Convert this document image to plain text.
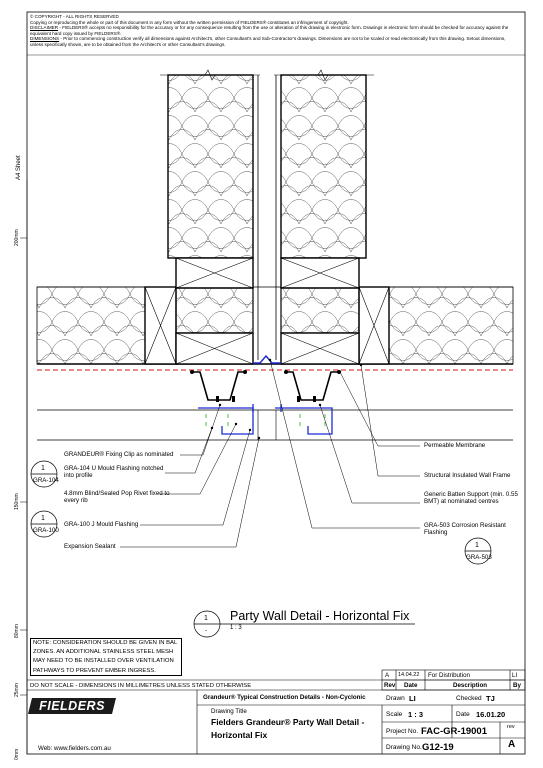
© COPYRIGHT - ALL RIGHTS RESERVED

Copying or reproducing the whole or part of this document in any form without the written permission of FIELDERS® constitutes an infringement of copyright.

DISCLAIMER - FIELDERS® accepts no responsibility for the accuracy or for any consequence resulting from the use or alteration of this drawing in electronic form. Drawings in electronic form should be checked for accuracy against the equivalent hard copy issued by FIELDERS®.

DIMENSIONS - Prior to commencing construction verify all dimensions against Architect's, other Consultant's and Sub-Contractor's drawings. Dimensions are not to be scaled or read electronically from this drawing. Setout dimensions, unless specifically shown, are to be obtained from the Architect's or other Consultant's drawings.

A4 Sheet
200mm
150mm
80mm
25mm
0mm
GRANDEUR® Fixing Clip as nominated
GRA-104 U Mould Flashing notched into profile
4.8mm Blind/Sealed Pop Rivet fixed to every rib
GRA-100 J Mould Flashing
Expansion Sealant
Permeable Membrane
Structural Insulated Wall Frame
Generic Batten Support (min. 0.55 BMT) at nominated centres
GRA-503 Corrosion Resistant Flashing
1
GRA-104
1
GRA-100
1
GRA-503
1
-
Party Wall Detail - Horizontal Fix
1 : 3
NOTE: CONSIDERATION SHOULD BE GIVEN IN BAL ZONES. AN ADDITIONAL STAINLESS STEEL MESH MAY NEED TO BE INSTALLED OVER VENTILATION PATHWAYS TO PREVENT EMBER INGRESS.
DO NOT SCALE - DIMENSIONS IN MILLIMETRES UNLESS STATED OTHERWISE
FIELDERS
Web: www.fielders.com.au
A 14.04.22 For Distribution	LI
Rev Date	Description	By
Grandeur® Typical Construction Details - Non-Cyclonic
Drawing Title
Fielders Grandeur® Party Wall Detail -
Horizontal Fix
Drawn LI	Checked TJ
Scale 1 : 3	Date 16.01.20
Project No. FAC-GR-19001	rev
A
Drawing No. G12-19
